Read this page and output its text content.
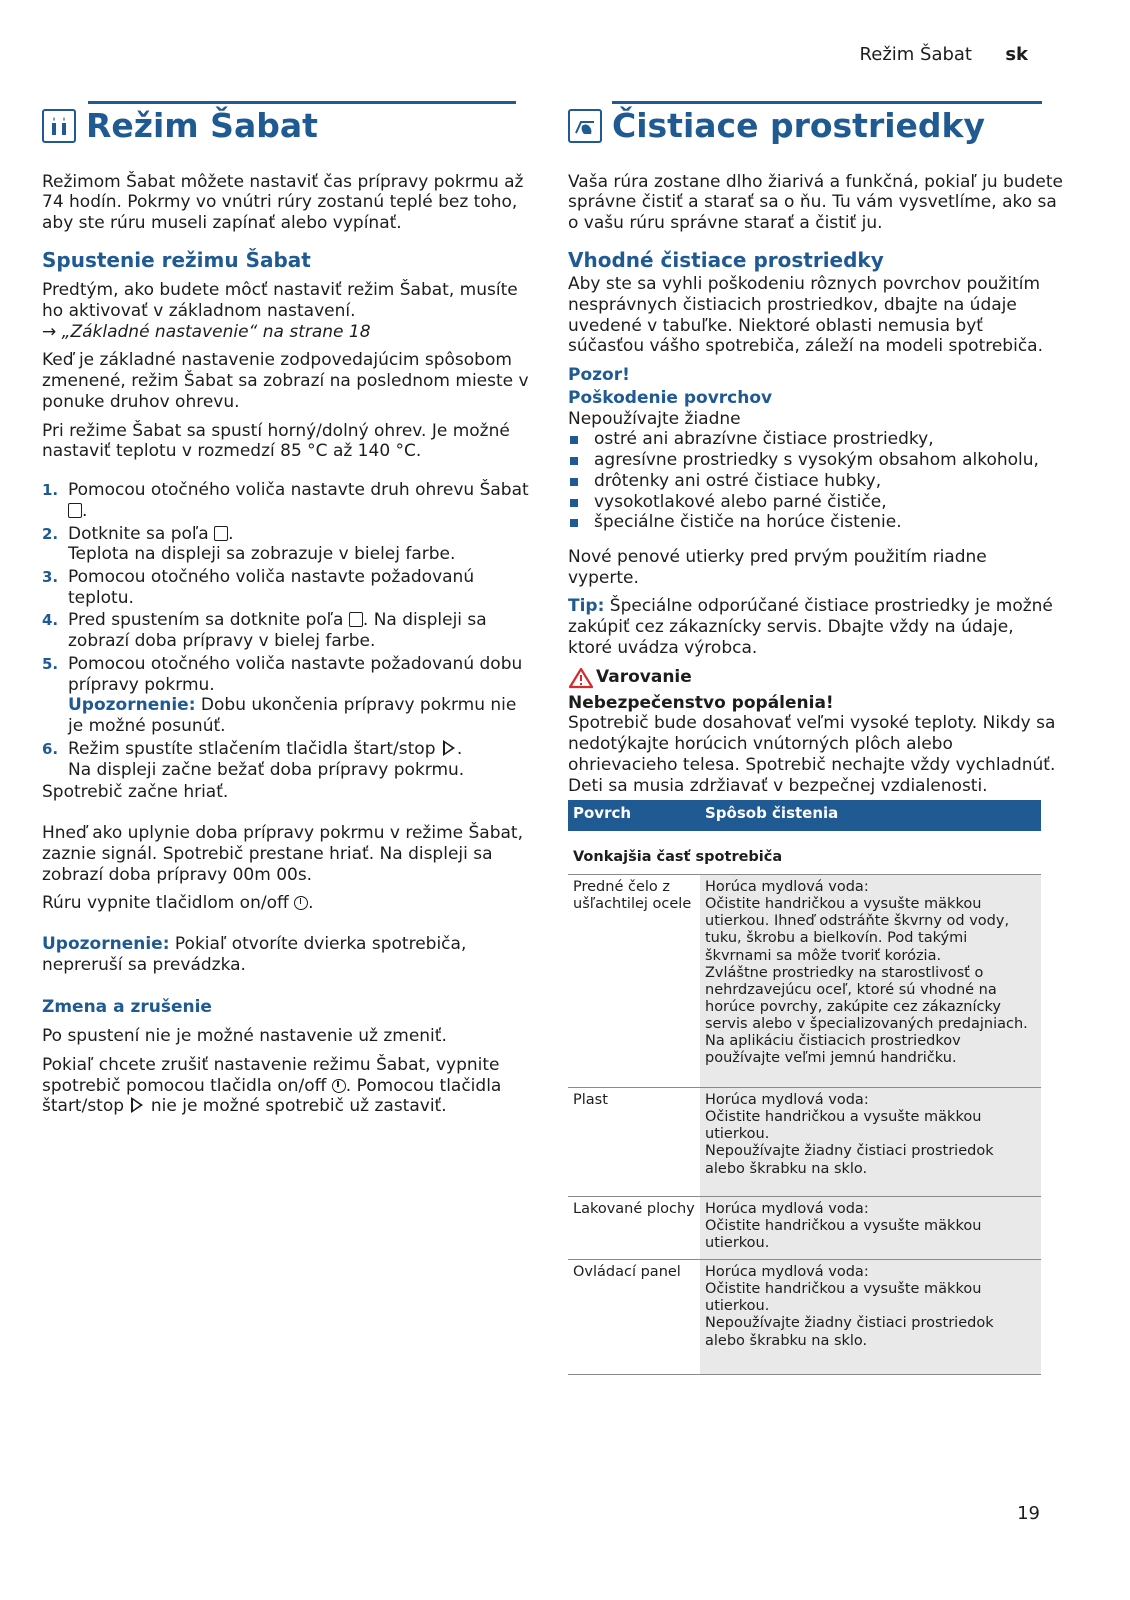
Režim Šabat sk
Režim Šabat

Režimom Šabat môžete nastaviť čas prípravy pokrmu až 74 hodín. Pokrmy vo vnútri rúry zostanú teplé bez toho, aby ste rúru museli zapínať alebo vypínať.

Spustenie režimu Šabat

Predtým, ako budete môcť nastaviť režim Šabat, musíte ho aktivovať v základnom nastavení.

→ „Základné nastavenie“ na strane 18

Keď je základné nastavenie zodpovedajúcim spôsobom zmenené, režim Šabat sa zobrazí na poslednom mieste v ponuke druhov ohrevu.

Pri režime Šabat sa spustí horný/dolný ohrev. Je možné nastaviť teplotu v rozmedzí 85 °C až 140 °C.

1. Pomocou otočného voliča nastavte druh ohrevu Šabat .
2. Dotknite sa poľa .
Teplota na displeji sa zobrazuje v bielej farbe.
3. Pomocou otočného voliča nastavte požadovanú teplotu.
4. Pred spustením sa dotknite poľa . Na displeji sa zobrazí doba prípravy v bielej farbe.
5. Pomocou otočného voliča nastavte požadovanú dobu prípravy pokrmu.
Upozornenie: Dobu ukončenia prípravy pokrmu nie je možné posunúť.
6. Režim spustíte stlačením tlačidla štart/stop .
Na displeji začne bežať doba prípravy pokrmu.

Spotrebič začne hriať.

Hneď ako uplynie doba prípravy pokrmu v režime Šabat, zaznie signál. Spotrebič prestane hriať. Na displeji sa zobrazí doba prípravy 00m 00s.

Rúru vypnite tlačidlom on/off .

Upozornenie: Pokiaľ otvoríte dvierka spotrebiča, nepreruší sa prevádzka.

Zmena a zrušenie

Po spustení nie je možné nastavenie už zmeniť.

Pokiaľ chcete zrušiť nastavenie režimu Šabat, vypnite spotrebič pomocou tlačidla on/off . Pomocou tlačidla štart/stop nie je možné spotrebič už zastaviť.

Čistiace prostriedky

Vaša rúra zostane dlho žiarivá a funkčná, pokiaľ ju budete správne čistiť a starať sa o ňu. Tu vám vysvetlíme, ako sa o vašu rúru správne starať a čistiť ju.

Vhodné čistiace prostriedky

Aby ste sa vyhli poškodeniu rôznych povrchov použitím nesprávnych čistiacich prostriedkov, dbajte na údaje uvedené v tabuľke. Niektoré oblasti nemusia byť súčasťou vášho spotrebiča, záleží na modeli spotrebiča.

Pozor!
Poškodenie povrchov
Nepoužívajte žiadne
ostré ani abrazívne čistiace prostriedky,
agresívne prostriedky s vysokým obsahom alkoholu,
drôtenky ani ostré čistiace hubky,
vysokotlakové alebo parné čističe,
špeciálne čističe na horúce čistenie.

Nové penové utierky pred prvým použitím riadne vyperte.

Tip: Špeciálne odporúčané čistiace prostriedky je možné zakúpiť cez zákaznícky servis. Dbajte vždy na údaje, ktoré uvádza výrobca.

Varovanie
Nebezpečenstvo popálenia!
Spotrebič bude dosahovať veľmi vysoké teploty. Nikdy sa nedotýkajte horúcich vnútorných plôch alebo ohrievacieho telesa. Spotrebič nechajte vždy vychladnúť. Deti sa musia zdržiavať v bezpečnej vzdialenosti.
Povrch	Spôsob čistenia
Vonkajšia časť spotrebiča	
Predné čelo z ušľachtilej ocele	Horúca mydlová voda:
Očistite handričkou a vysušte mäkkou utierkou. Ihneď odstráňte škvrny od vody, tuku, škrobu a bielkovín. Pod takými škvrnami sa môže tvoriť korózia.
Zvláštne prostriedky na starostlivosť o nehrdzavejúcu oceľ, ktoré sú vhodné na horúce povrchy, zakúpite cez zákaznícky servis alebo v špecializovaných predajniach. Na aplikáciu čistiacich prostriedkov používajte veľmi jemnú handričku.
Plast	Horúca mydlová voda:
Očistite handričkou a vysušte mäkkou utierkou.
Nepoužívajte žiadny čistiaci prostriedok alebo škrabku na sklo.
Lakované plochy	Horúca mydlová voda:
Očistite handričkou a vysušte mäkkou utierkou.
Ovládací panel	Horúca mydlová voda:
Očistite handričkou a vysušte mäkkou utierkou.
Nepoužívajte žiadny čistiaci prostriedok alebo škrabku na sklo.
19
